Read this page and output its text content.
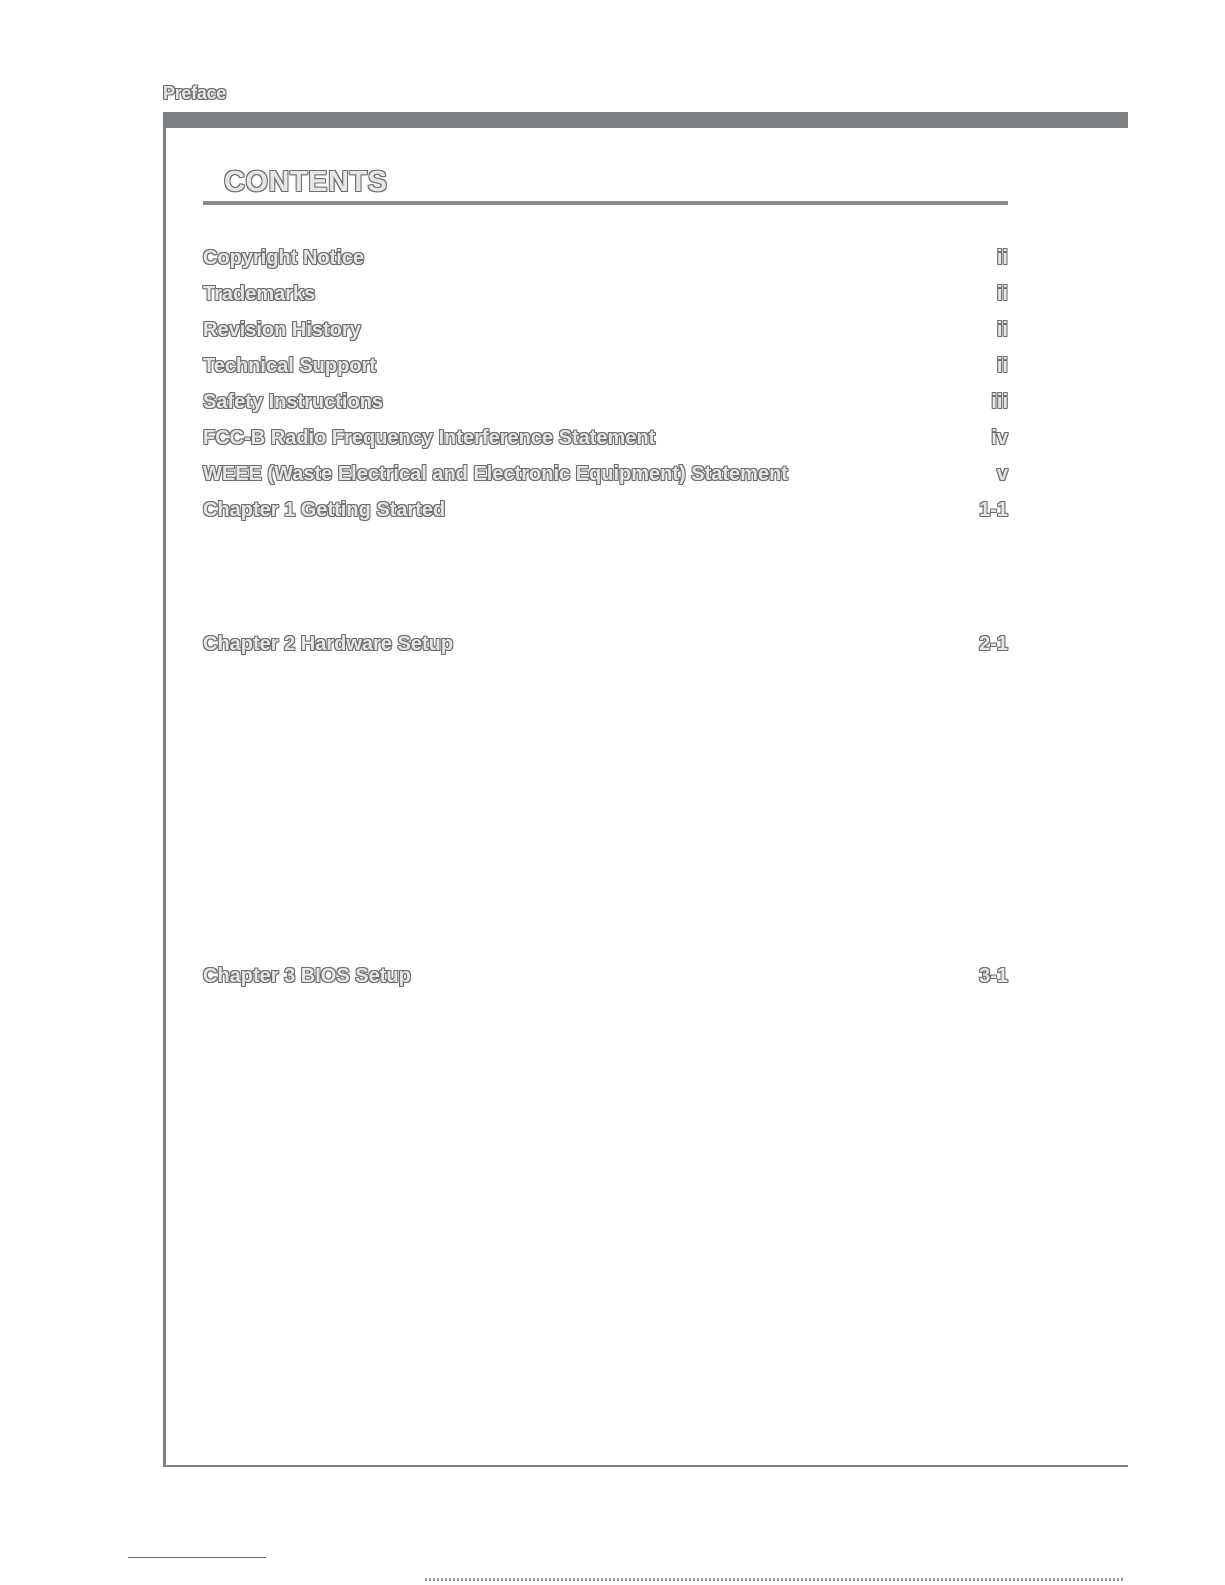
Preface
CONTENTS
Copyright Notice	ii
Trademarks	ii
Revision History	ii
Technical Support	ii
Safety Instructions	iii
FCC-B Radio Frequency Interference Statement	iv
WEEE (Waste Electrical and Electronic Equipment) Statement	v
Chapter 1 Getting Started	1-1
Chapter 2 Hardware Setup	2-1
Chapter 3 BIOS Setup	3-1
